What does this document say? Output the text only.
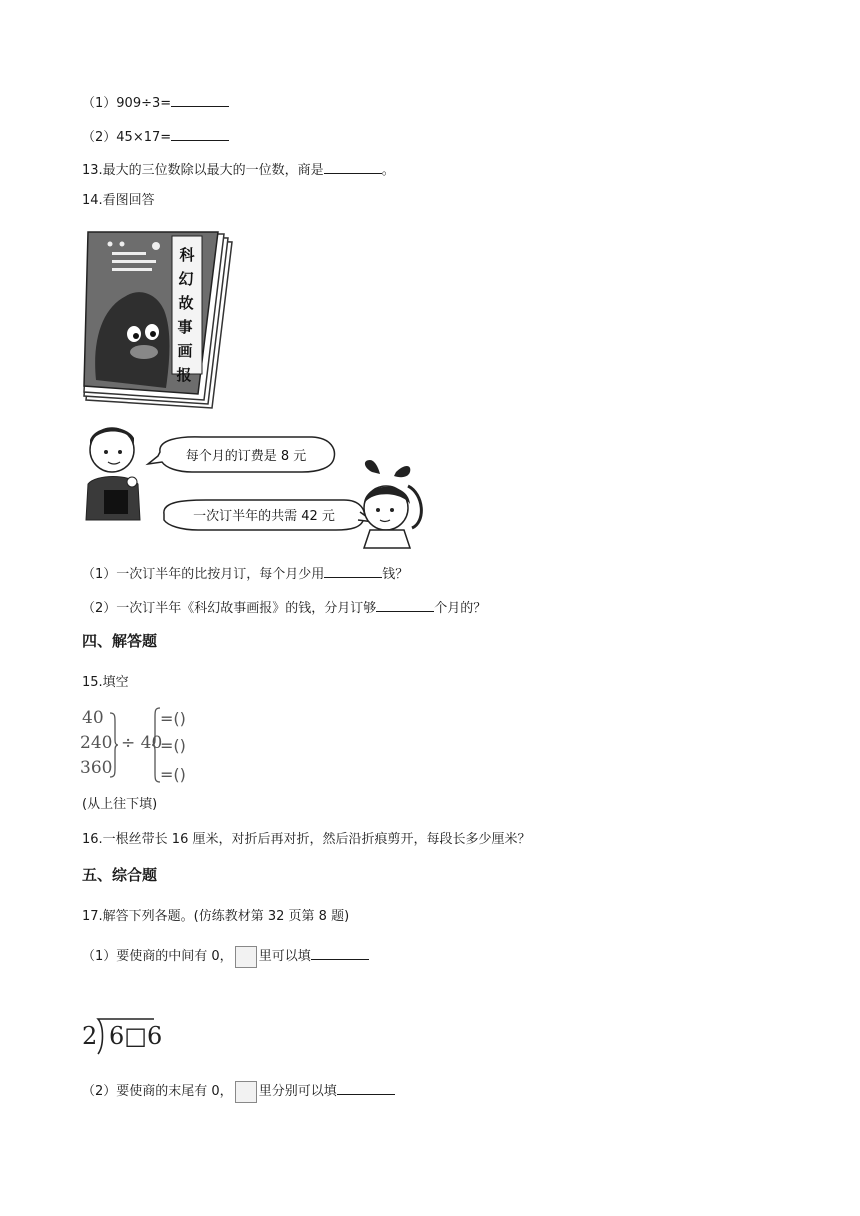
（1）909÷3=
（2）45×17=
13.最大的三位数除以最大的一位数，商是	。
14.看图回答
科
幻
故
事
画
报
每个月的订费是 8 元
一次订半年的共需 42 元
（1）一次订半年的比按月订，每个月少用	钱？
（2）一次订半年《科幻故事画报》的钱，分月订够	个月的？
四、解答题
15.填空
40
240
360
÷ 40
=()
=()
=()
(从上往下填)
16.一根丝带长 16 厘米，对折后再对折，然后沿折痕剪开，每段长多少厘米？
五、综合题
17.解答下列各题。(仿练教材第 32 页第 8 题)
（1）要使商的中间有 0， 里可以填
2 6□6
（2）要使商的末尾有 0， 里分别可以填
